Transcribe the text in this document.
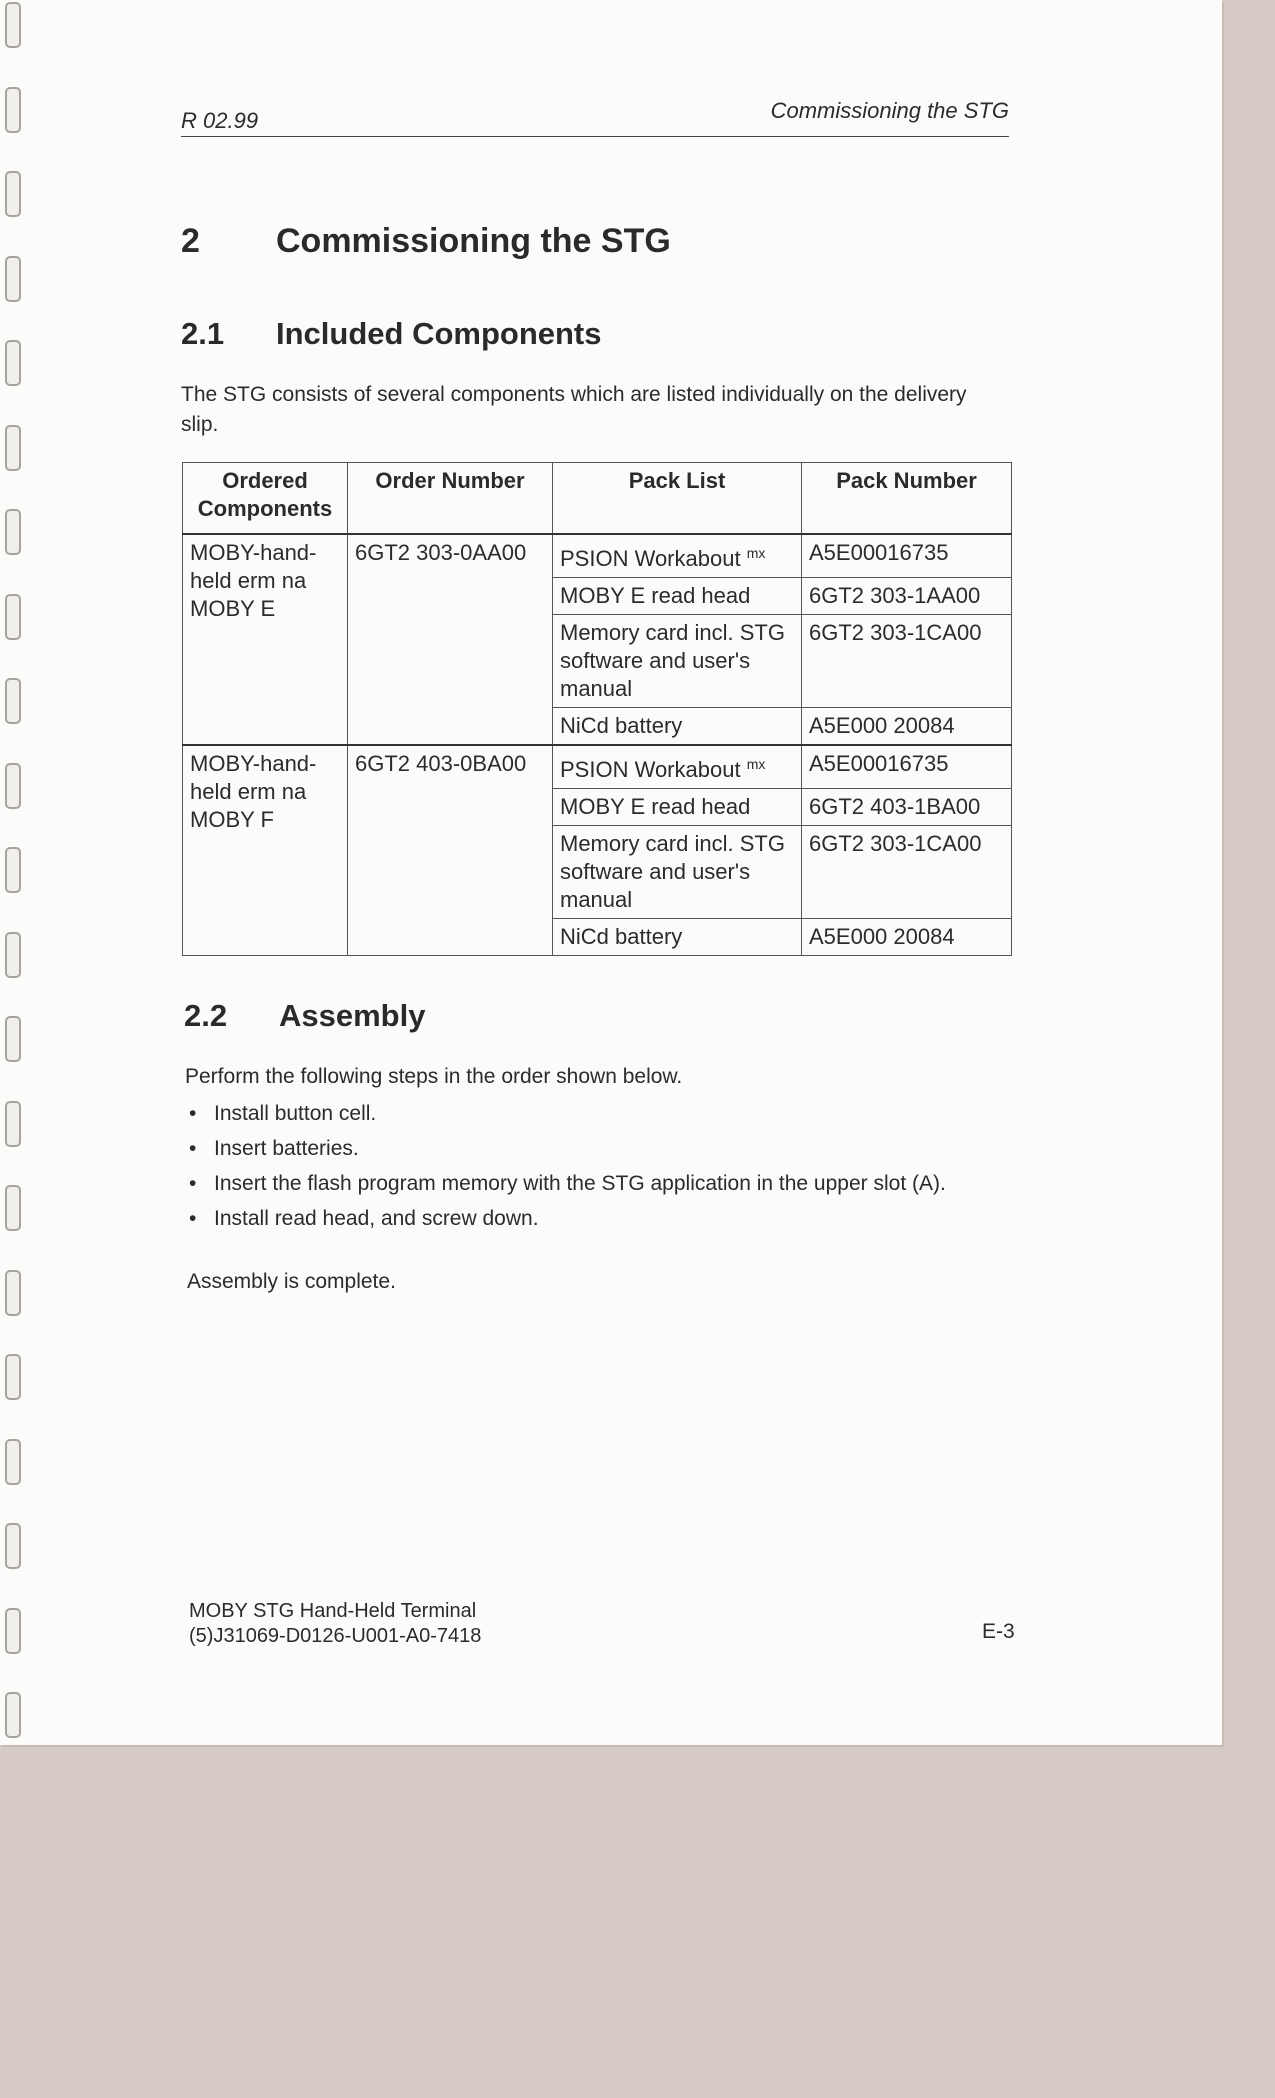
R 02.99	Commissioning the STG
2 Commissioning the STG
2.1 Included Components

The STG consists of several components which are listed individually on the delivery slip.

Ordered Components	Order Number	Pack List	Pack Number
MOBY-hand-held erm na MOBY E	6GT2 303-0AA00	PSION Workabout $^{mx}$	A5E00016735
		MOBY E read head	6GT2 303-1AA00
		Memory card incl. STG software and user's manual	6GT2 303-1CA00
		NiCd battery	A5E000 20084
MOBY-hand-held erm na MOBY F	6GT2 403-0BA00	PSION Workabout $^{mx}$	A5E00016735
		MOBY E read head	6GT2 403-1BA00
		Memory card incl. STG software and user's manual	6GT2 303-1CA00
		NiCd battery	A5E000 20084
2.2 Assembly

Perform the following steps in the order shown below.

• Install button cell.
• Insert batteries.
• Insert the flash program memory with the STG application in the upper slot (A).
• Install read head, and screw down.

Assembly is complete.

MOBY STG Hand-Held Terminal
(5)J31069-D0126-U001-A0-7418	E-3
